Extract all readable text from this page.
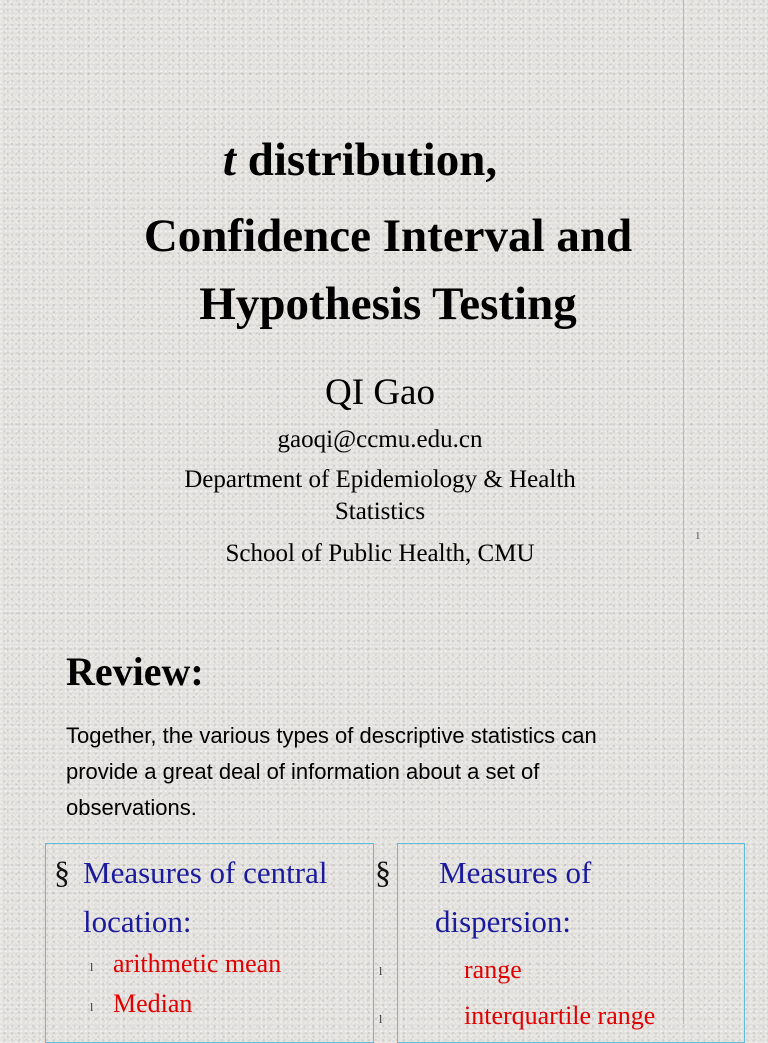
t distribution,
Confidence Interval and
Hypothesis Testing
QI Gao
gaoqi@ccmu.edu.cn
Department of Epidemiology & Health
Statistics
School of Public Health, CMU
1
Review:
Together, the various types of descriptive statistics can
provide a great deal of information about a set of
observations.
§ Measures of central
location:
l arithmetic mean
l Median
§ Measures of
dispersion:
l	range
l	interquartile range
